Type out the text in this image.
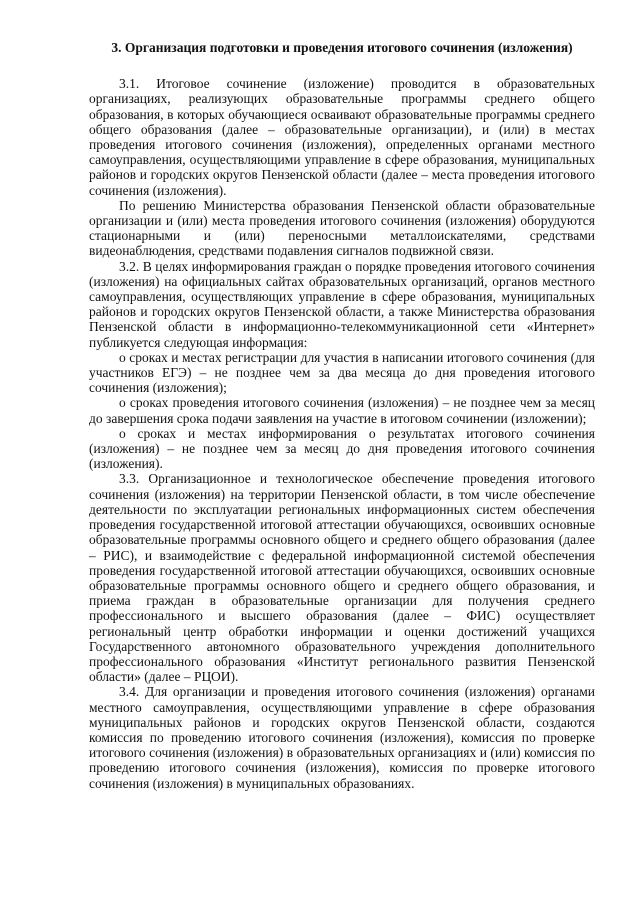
3. Организация подготовки и проведения итогового сочинения (изложения)

3.1. Итоговое сочинение (изложение) проводится в образовательных организациях, реализующих образовательные программы среднего общего образования, в которых обучающиеся осваивают образовательные программы среднего общего образования (далее – образовательные организации), и (или) в местах проведения итогового сочинения (изложения), определенных органами местного самоуправления, осуществляющими управление в сфере образования, муниципальных районов и городских округов Пензенской области (далее – места проведения итогового сочинения (изложения).

По решению Министерства образования Пензенской области образовательные организации и (или) места проведения итогового сочинения (изложения) оборудуются стационарными и (или) переносными металлоискателями, средствами видеонаблюдения, средствами подавления сигналов подвижной связи.

3.2. В целях информирования граждан о порядке проведения итогового сочинения (изложения) на официальных сайтах образовательных организаций, органов местного самоуправления, осуществляющих управление в сфере образования, муниципальных районов и городских округов Пензенской области, а также Министерства образования Пензенской области в информационно-телекоммуникационной сети «Интернет» публикуется следующая информация:

о сроках и местах регистрации для участия в написании итогового сочинения (для участников ЕГЭ) – не позднее чем за два месяца до дня проведения итогового сочинения (изложения);

о сроках проведения итогового сочинения (изложения) – не позднее чем за месяц до завершения срока подачи заявления на участие в итоговом сочинении (изложении);

о сроках и местах информирования о результатах итогового сочинения (изложения) – не позднее чем за месяц до дня проведения итогового сочинения (изложения).

3.3. Организационное и технологическое обеспечение проведения итогового сочинения (изложения) на территории Пензенской области, в том числе обеспечение деятельности по эксплуатации региональных информационных систем обеспечения проведения государственной итоговой аттестации обучающихся, освоивших основные образовательные программы основного общего и среднего общего образования (далее – РИС), и взаимодействие с федеральной информационной системой обеспечения проведения государственной итоговой аттестации обучающихся, освоивших основные образовательные программы основного общего и среднего общего образования, и приема граждан в образовательные организации для получения среднего профессионального и высшего образования (далее – ФИС) осуществляет региональный центр обработки информации и оценки достижений учащихся Государственного автономного образовательного учреждения дополнительного профессионального образования «Институт регионального развития Пензенской области» (далее – РЦОИ).

3.4. Для организации и проведения итогового сочинения (изложения) органами местного самоуправления, осуществляющими управление в сфере образования муниципальных районов и городских округов Пензенской области, создаются комиссия по проведению итогового сочинения (изложения), комиссия по проверке итогового сочинения (изложения) в образовательных организациях и (или) комиссия по проведению итогового сочинения (изложения), комиссия по проверке итогового сочинения (изложения) в муниципальных образованиях.
